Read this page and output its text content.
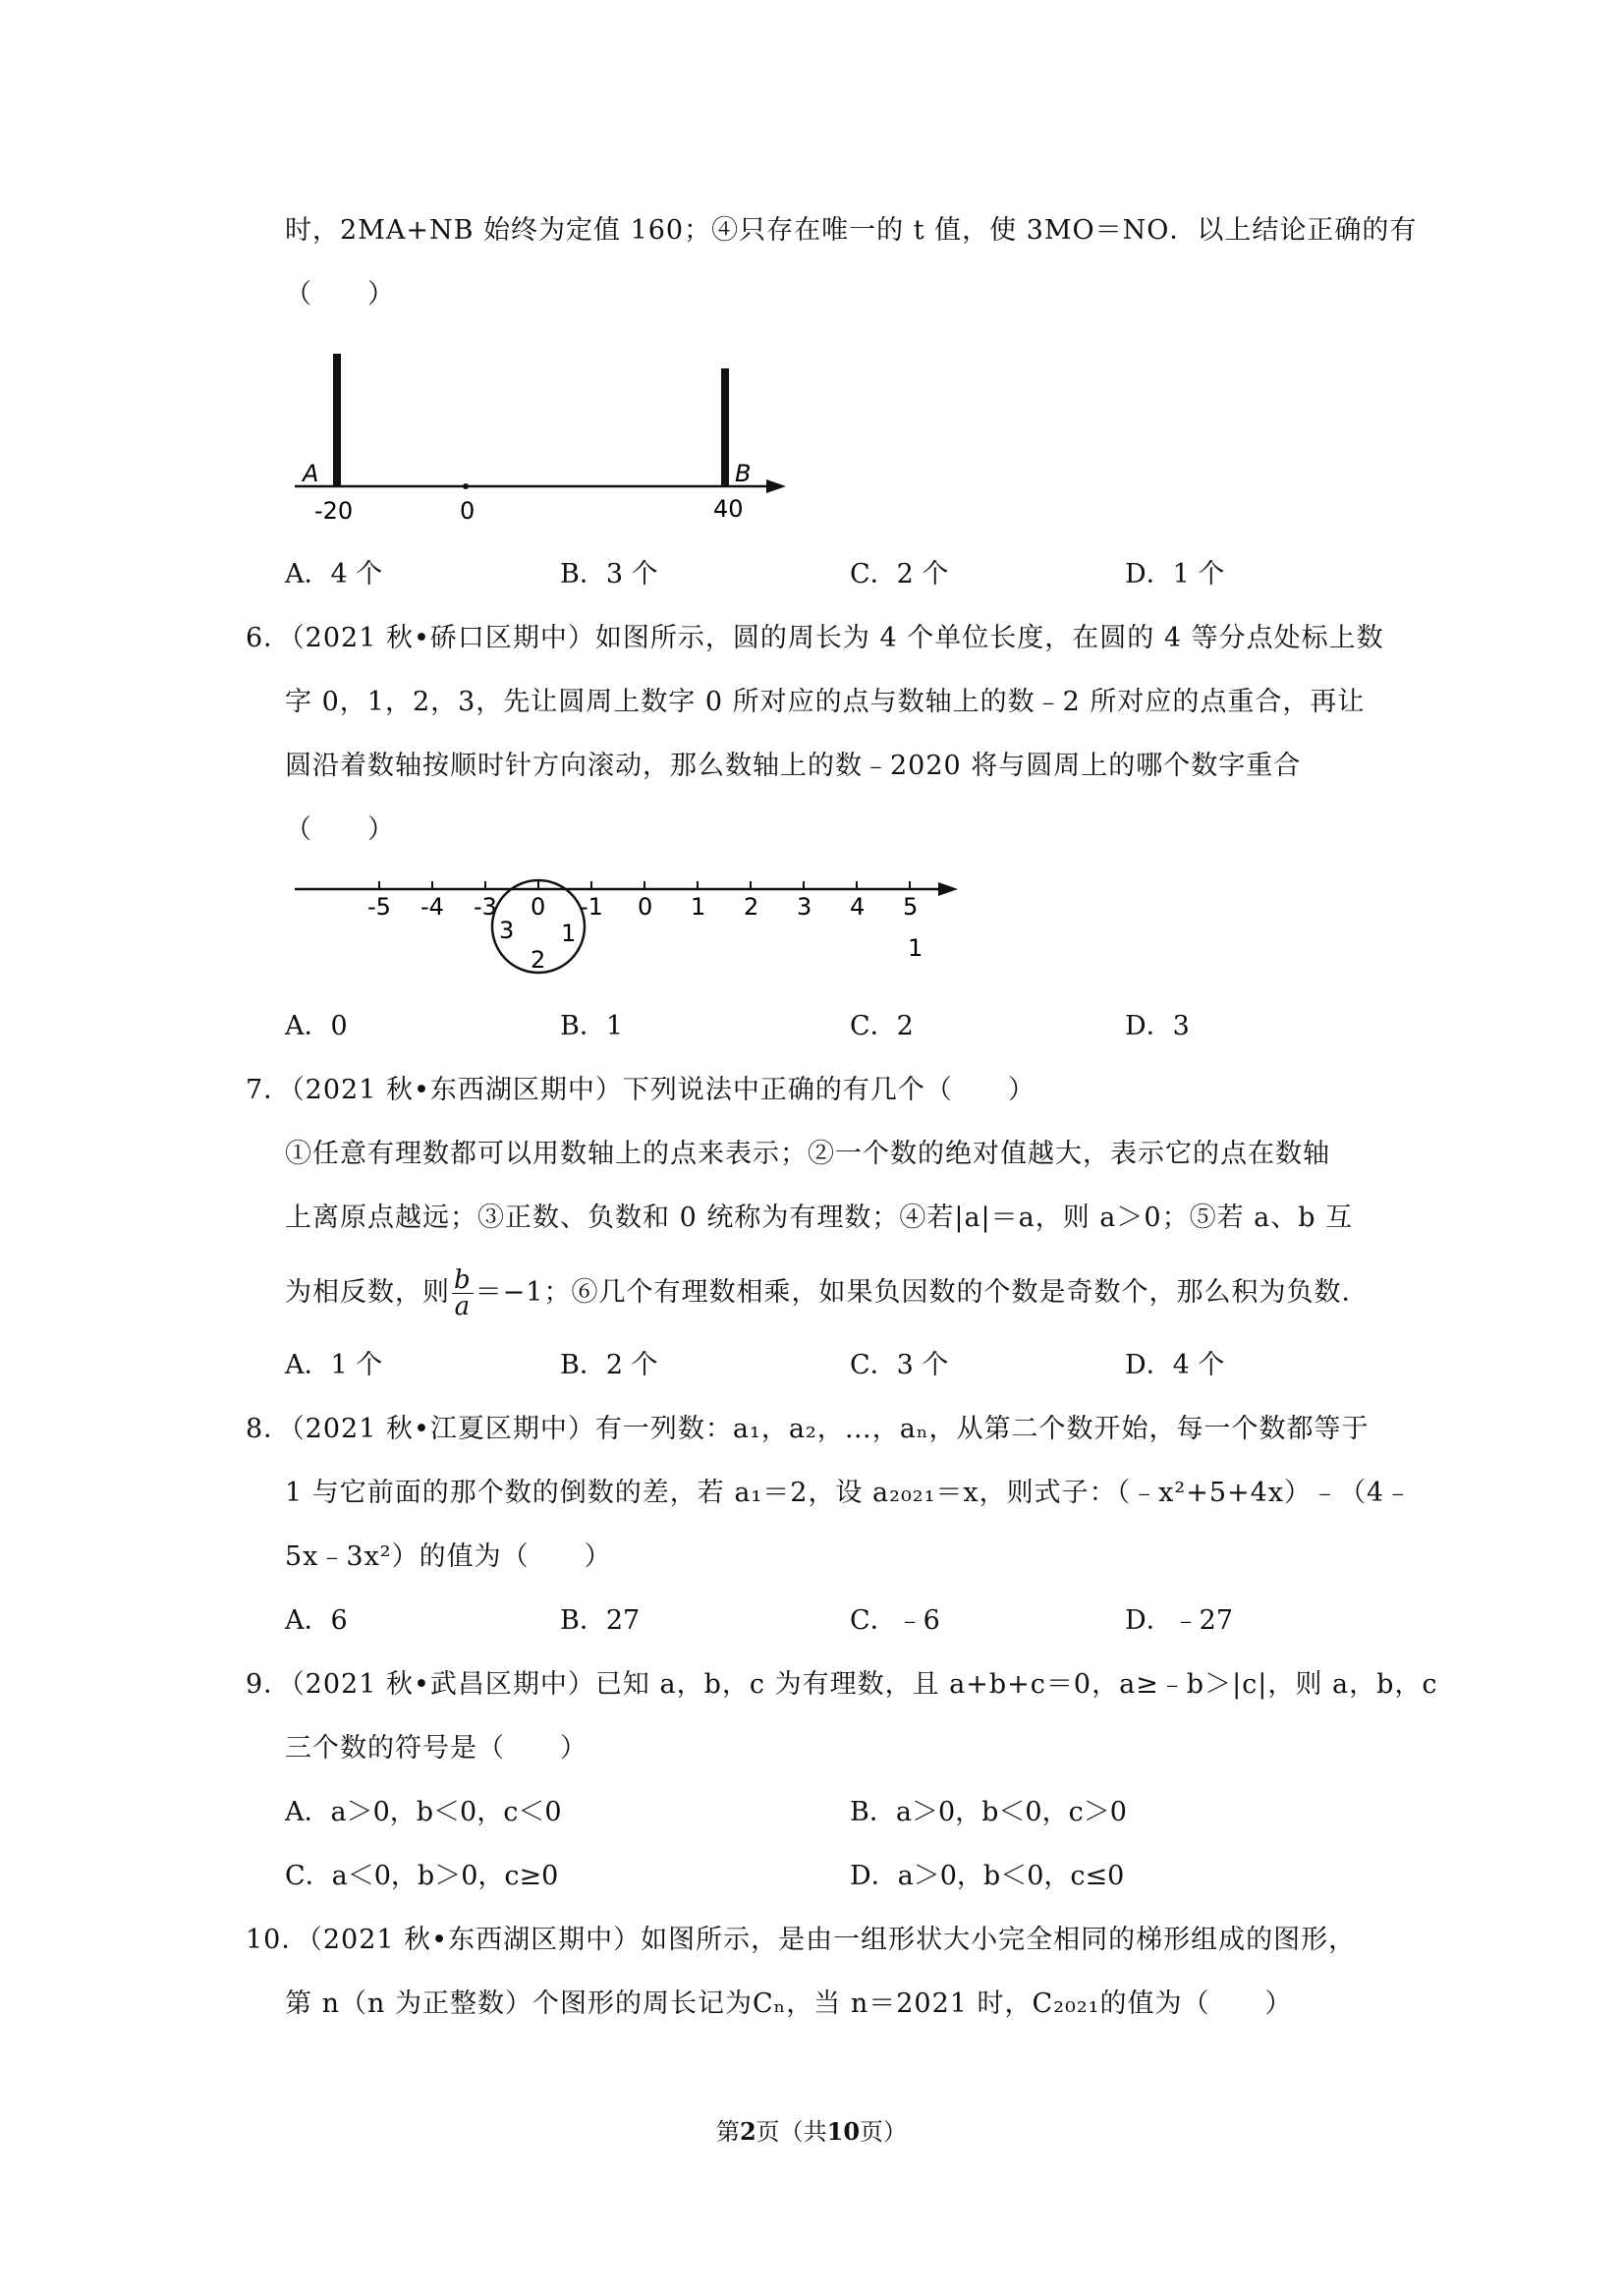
时，2MA+NB 始终为定值 160；④只存在唯一的 t 值，使 3MO＝NO．以上结论正确的有
（　　）
A	B
-20	0	40
A．4 个	B．3 个	C．2 个	D．1 个
6．（2021 秋•硚口区期中）如图所示，圆的周长为 4 个单位长度，在圆的 4 等分点处标上数
字 0，1，2，3，先让圆周上数字 0 所对应的点与数轴上的数﹣2 所对应的点重合，再让
圆沿着数轴按顺时针方向滚动，那么数轴上的数﹣2020 将与圆周上的哪个数字重合
（　　）
-5 -4 -3	-1 0 1 2 3 4 5
0
1
2
3
1
A．0	B．1	C．2	D．3
7．（2021 秋•东西湖区期中）下列说法中正确的有几个（　　）
①任意有理数都可以用数轴上的点来表示；②一个数的绝对值越大，表示它的点在数轴
上离原点越远；③正数、负数和 0 统称为有理数；④若|a|＝a，则 a＞0；⑤若 a、b 互
为相反数，则 $\frac{b}{a} =-1$；⑥几个有理数相乘，如果负因数的个数是奇数个，那么积为负数．
A．1 个	B．2 个	C．3 个	D．4 个
8．（2021 秋•江夏区期中）有一列数：a₁，a₂，…，aₙ，从第二个数开始，每一个数都等于
1 与它前面的那个数的倒数的差，若 a₁＝2，设 a₂₀₂₁＝x，则式子：（﹣x²+5+4x）﹣（4﹣
5x﹣3x²）的值为（　　）
A．6	B．27	C．﹣6	D．﹣27
9．（2021 秋•武昌区期中）已知 a，b，c 为有理数，且 a+b+c＝0，a≥﹣b＞|c|，则 a，b，c
三个数的符号是（　　）
A．a＞0，b＜0，c＜0	B．a＞0，b＜0，c＞0
C．a＜0，b＞0，c≥0	D．a＞0，b＜0，c≤0
10．（2021 秋•东西湖区期中）如图所示，是由一组形状大小完全相同的梯形组成的图形，
第 n（n 为正整数）个图形的周长记为Cₙ，当 n＝2021 时，C₂₀₂₁的值为（　　）
第2页（共10页）
